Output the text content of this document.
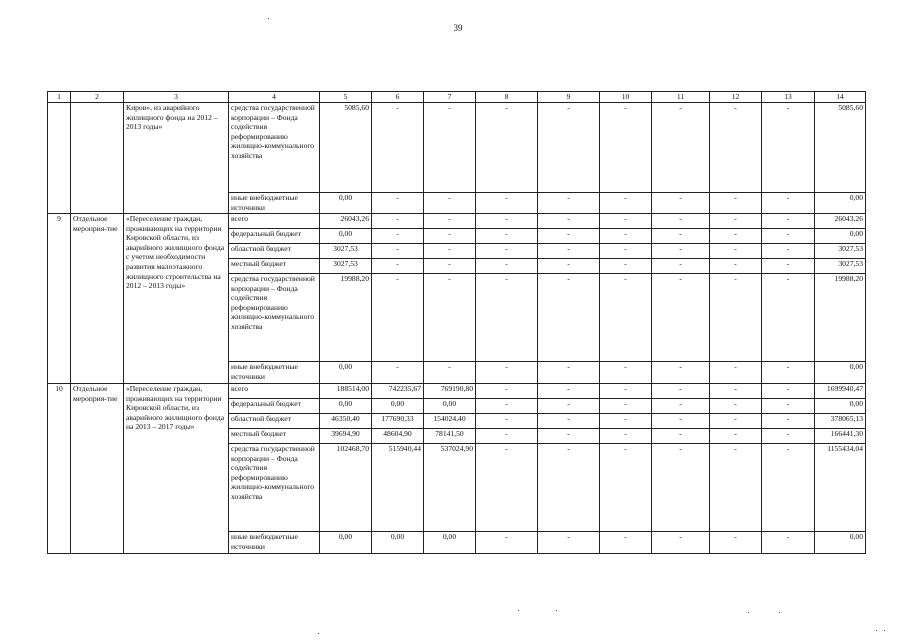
39
1	2	3	4	5	6	7	8	9	10	11	12	13	14
		Киров», из аварийного жилищного фонда на 2012 – 2013 годы»	средства государственной корпорации – Фонда содействия реформированию жилищно-коммунального хозяйства	5085,60	-	-	-	-	-	-	-	-	5085,60
			иные внебюджетные источники	0,00	-	-	-	-	-	-	-	-	0,00
9	Отдельное мероприя-тие	«Переселение граждан, проживающих на территории Кировской области, из аварийного жилищного фонда с учетом необходимости развития малоэтажного жилищного строительства на 2012 – 2013 годы»	всего	26043,26	-	-	-	-	-	-	-	-	26043,26
			федеральный бюджет	0,00	-	-	-	-	-	-	-	-	0,00
			областной бюджет	3027,53	-	-	-	-	-	-	-	-	3027,53
			местный бюджет	3027,53	-	-	-	-	-	-	-	-	3027,53
			средства государственной корпорации – Фонда содействия реформированию жилищно-коммунального хозяйства	19988,20	-	-	-	-	-	-	-	-	19988,20
			иные внебюджетные источники	0,00	-	-	-	-	-	-	-	-	0,00
10	Отдельное мероприя-тие	«Переселение граждан, проживающих на территории Кировской области, из аварийного жилищного фонда на 2013 – 2017 годы»	всего	188514,00	742235,67	769190,80	-	-	-	-	-	-	1699940,47
			федеральный бюджет	0,00	0,00	0,00	-	-	-	-	-	-	0,00
			областной бюджет	46350,40	177690,33	154024,40	-	-	-	-	-	-	378065,13
			местный бюджет	39694,90	48604,90	78141,50	-	-	-	-	-	-	166441,30
			средства государственной корпорации – Фонда содействия реформированию жилищно-коммунального хозяйства	102468,70	515940,44	537024,90	-	-	-	-	-	-	1155434,04
			иные внебюджетные источники	0,00	0,00	0,00	-	-	-	-	-	-	0,00
